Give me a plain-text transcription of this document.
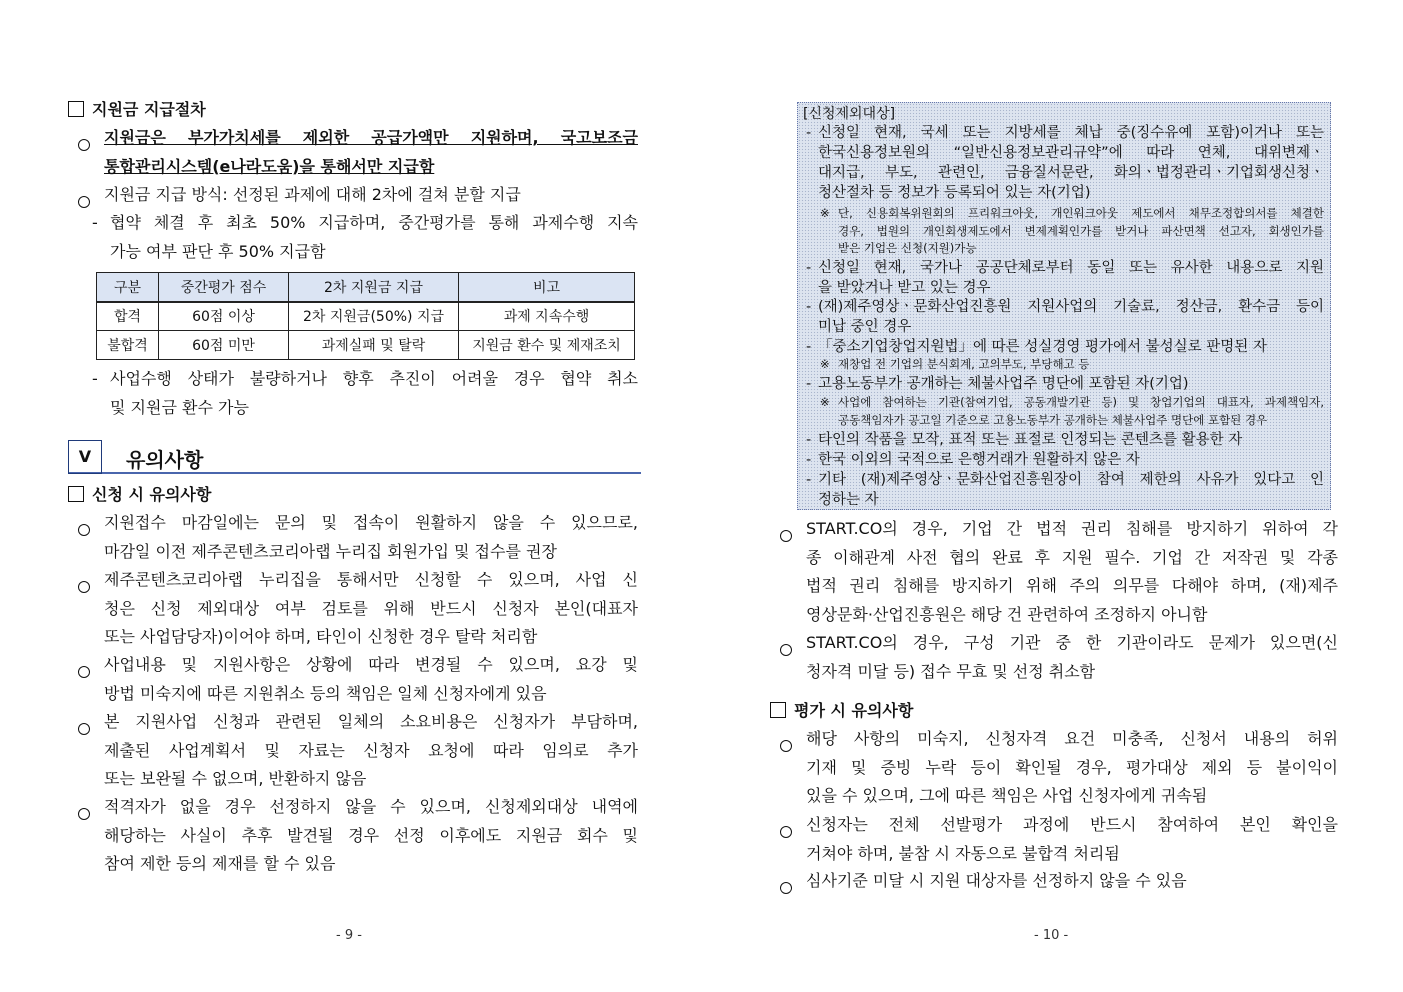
지원금 지급절차
지원금은 부가가치세를 제외한 공급가액만 지원하며, 국고보조금
통합관리시스템(e나라도움)을 통해서만 지급함
지원금 지급 방식: 선정된 과제에 대해 2차에 걸쳐 분할 지급
- 협약 체결 후 최초 50% 지급하며, 중간평가를 통해 과제수행 지속
가능 여부 판단 후 50% 지급함
구분	중간평가 점수	2차 지원금 지급	비고
합격	60점 이상	2차 지원금(50%) 지급	과제 지속수행
불합격	60점 미만	과제실패 및 탈락	지원금 환수 및 제재조치
- 사업수행 상태가 불량하거나 향후 추진이 어려울 경우 협약 취소
및 지원금 환수 가능
V	유의사항
신청 시 유의사항
지원접수 마감일에는 문의 및 접속이 원활하지 않을 수 있으므로,
마감일 이전 제주콘텐츠코리아랩 누리집 회원가입 및 접수를 권장
제주콘텐츠코리아랩 누리집을 통해서만 신청할 수 있으며, 사업 신
청은 신청 제외대상 여부 검토를 위해 반드시 신청자 본인(대표자
또는 사업담당자)이어야 하며, 타인이 신청한 경우 탈락 처리함
사업내용 및 지원사항은 상황에 따라 변경될 수 있으며, 요강 및
방법 미숙지에 따른 지원취소 등의 책임은 일체 신청자에게 있음
본 지원사업 신청과 관련된 일체의 소요비용은 신청자가 부담하며,
제출된 사업계획서 및 자료는 신청자 요청에 따라 임의로 추가
또는 보완될 수 없으며, 반환하지 않음
적격자가 없을 경우 선정하지 않을 수 있으며, 신청제외대상 내역에
해당하는 사실이 추후 발견될 경우 선정 이후에도 지원금 회수 및
참여 제한 등의 제재를 할 수 있음
- 9 -
[신청제외대상]
- 신청일 현재, 국세 또는 지방세를 체납 중(징수유예 포함)이거나 또는
한국신용정보원의 “일반신용정보관리규약”에 따라 연체, 대위변제ㆍ
대지급, 부도, 관련인, 금융질서문란, 화의ㆍ법정관리ㆍ기업회생신청ㆍ
청산절차 등 정보가 등록되어 있는 자(기업)
※ 단, 신용회복위원회의 프리워크아웃, 개인워크아웃 제도에서 채무조정합의서를 체결한
경우, 법원의 개인회생제도에서 변제계획인가를 받거나 파산면책 선고자, 회생인가를
받은 기업은 신청(지원)가능
- 신청일 현재, 국가나 공공단체로부터 동일 또는 유사한 내용으로 지원
을 받았거나 받고 있는 경우
- (재)제주영상ㆍ문화산업진흥원 지원사업의 기술료, 정산금, 환수금 등이
미납 중인 경우
- 「중소기업창업지원법」에 따른 성실경영 평가에서 불성실로 판명된 자
※ 재창업 전 기업의 분식회계, 고의부도, 부당해고 등
- 고용노동부가 공개하는 체불사업주 명단에 포함된 자(기업)
※ 사업에 참여하는 기관(참여기업, 공동개발기관 등) 및 창업기업의 대표자, 과제책임자,
공동책임자가 공고일 기준으로 고용노동부가 공개하는 체불사업주 명단에 포함된 경우
- 타인의 작품을 모작, 표적 또는 표절로 인정되는 콘텐츠를 활용한 자
- 한국 이외의 국적으로 은행거래가 원활하지 않은 자
- 기타 (재)제주영상ㆍ문화산업진흥원장이 참여 제한의 사유가 있다고 인
정하는 자
START.CO의 경우, 기업 간 법적 권리 침해를 방지하기 위하여 각
종 이해관계 사전 협의 완료 후 지원 필수. 기업 간 저작권 및 각종
법적 권리 침해를 방지하기 위해 주의 의무를 다해야 하며, (재)제주
영상문화·산업진흥원은 해당 건 관련하여 조정하지 아니함
START.CO의 경우, 구성 기관 중 한 기관이라도 문제가 있으면(신
청자격 미달 등) 접수 무효 및 선정 취소함
평가 시 유의사항
해당 사항의 미숙지, 신청자격 요건 미충족, 신청서 내용의 허위
기재 및 증빙 누락 등이 확인될 경우, 평가대상 제외 등 불이익이
있을 수 있으며, 그에 따른 책임은 사업 신청자에게 귀속됨
신청자는 전체 선발평가 과정에 반드시 참여하여 본인 확인을
거쳐야 하며, 불참 시 자동으로 불합격 처리됨
심사기준 미달 시 지원 대상자를 선정하지 않을 수 있음
- 10 -
